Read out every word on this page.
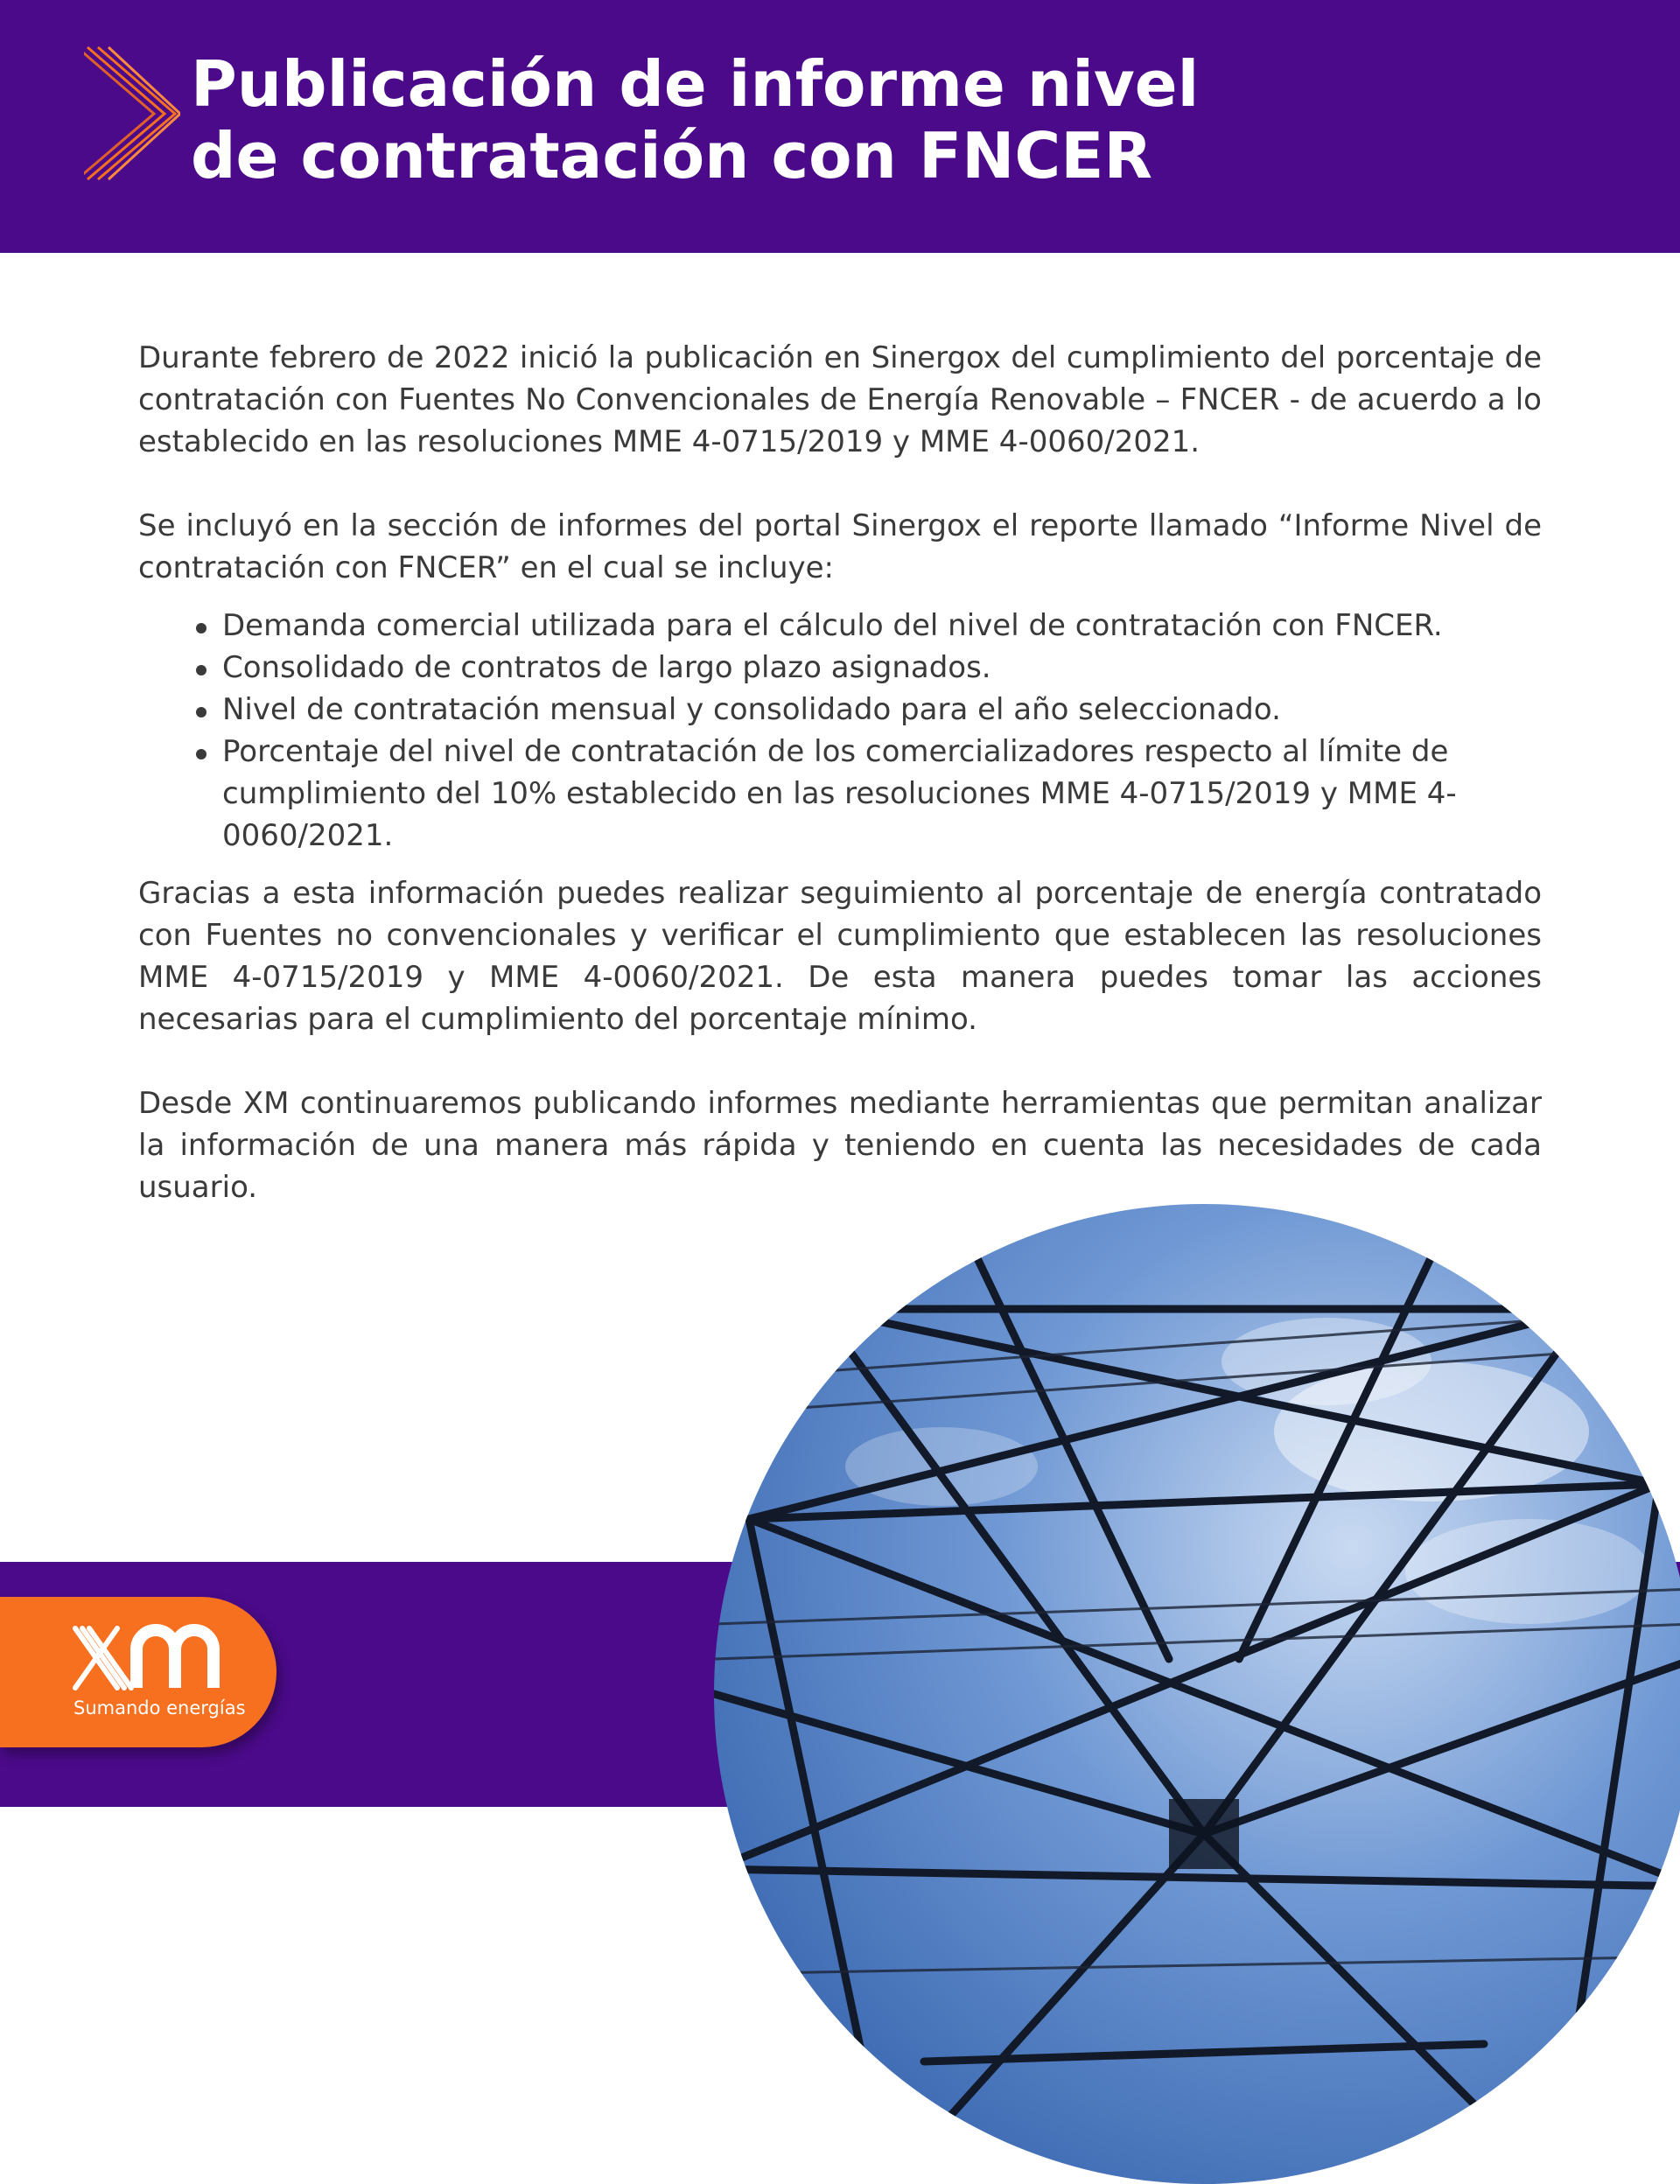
Publicación de informe nivel
de contratación con FNCER

Durante febrero de 2022 inició la publicación en Sinergox del cumplimiento del porcentaje de contratación con Fuentes No Convencionales de Energía Renovable – FNCER - de acuerdo a lo establecido en las resoluciones MME 4-0715/2019 y MME 4-0060/2021.

Se incluyó en la sección de informes del portal Sinergox el reporte llamado “Informe Nivel de contratación con FNCER” en el cual se incluye:

Demanda comercial utilizada para el cálculo del nivel de contratación con FNCER.
Consolidado de contratos de largo plazo asignados.
Nivel de contratación mensual y consolidado para el año seleccionado.
Porcentaje del nivel de contratación de los comercializadores respecto al límite de cumplimiento del 10% establecido en las resoluciones MME 4-0715/2019 y MME 4-0060/2021.

Gracias a esta información puedes realizar seguimiento al porcentaje de energía contratado con Fuentes no convencionales y verificar el cumplimiento que establecen las resoluciones MME 4-0715/2019 y MME 4-0060/2021. De esta manera puedes tomar las acciones necesarias para el cumplimiento del porcentaje mínimo.

Desde XM continuaremos publicando informes mediante herramientas que permitan analizar la información de una manera más rápida y teniendo en cuenta las necesidades de cada usuario.

Sumando energías
